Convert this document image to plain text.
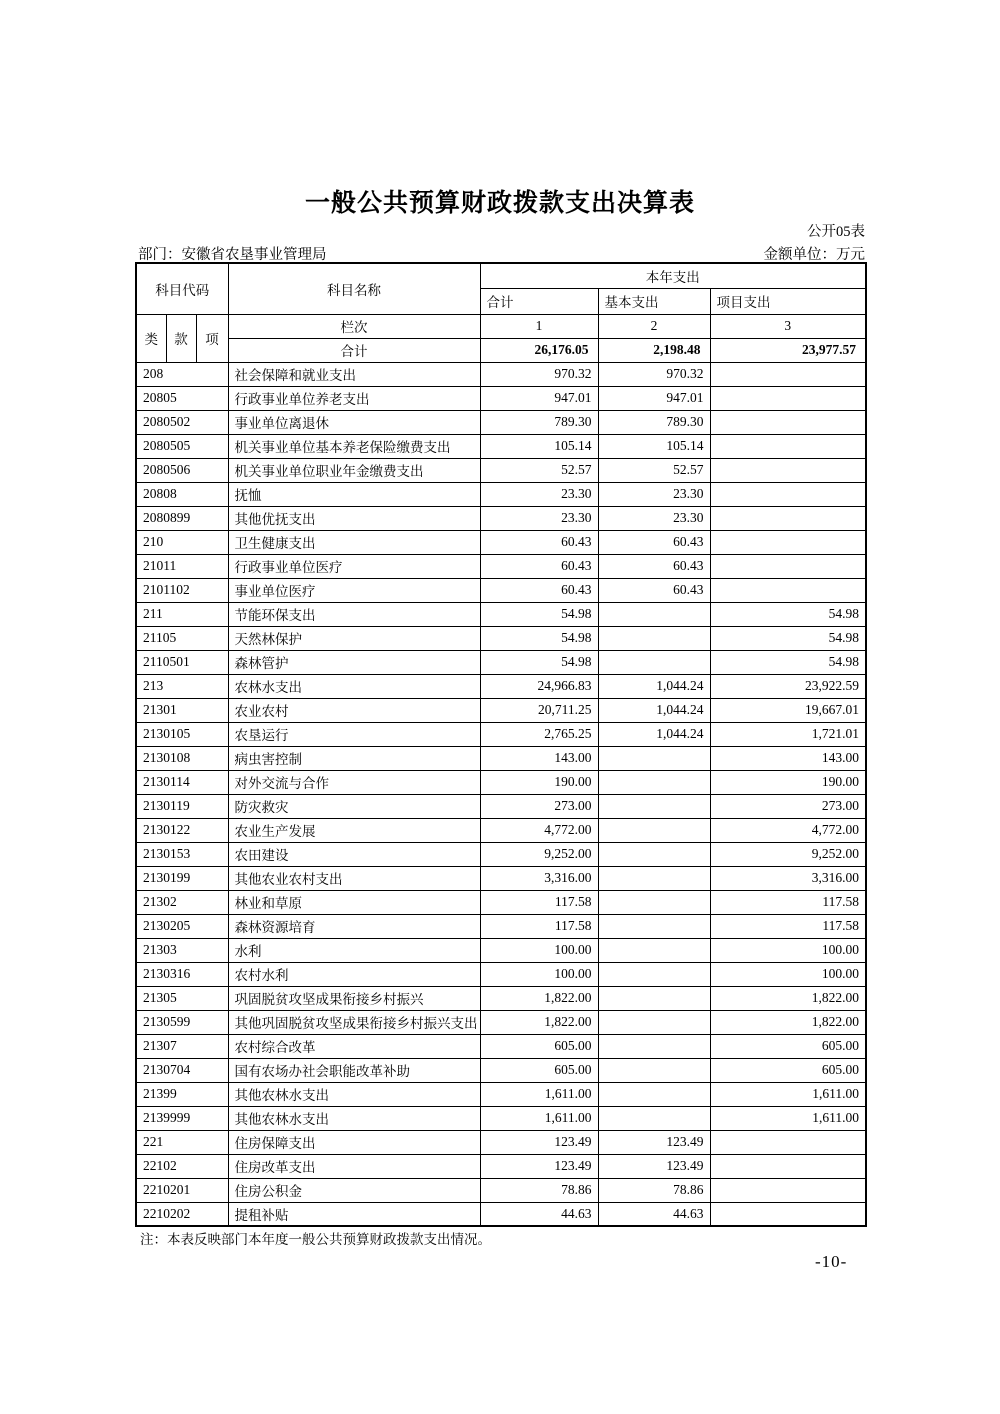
一般公共预算财政拨款支出决算表
公开05表
部门：安徽省农垦事业管理局	金额单位：万元
科目代码			科目名称	本年支出		
				合计	基本支出	项目支出
类	款	项	栏次	1	2	3
			合计	26,176.05	2,198.48	23,977.57
208			社会保障和就业支出	970.32	970.32	
20805			行政事业单位养老支出	947.01	947.01	
2080502			事业单位离退休	789.30	789.30	
2080505			机关事业单位基本养老保险缴费支出	105.14	105.14	
2080506			机关事业单位职业年金缴费支出	52.57	52.57	
20808			抚恤	23.30	23.30	
2080899			其他优抚支出	23.30	23.30	
210			卫生健康支出	60.43	60.43	
21011			行政事业单位医疗	60.43	60.43	
2101102			事业单位医疗	60.43	60.43	
211			节能环保支出	54.98		54.98
21105			天然林保护	54.98		54.98
2110501			森林管护	54.98		54.98
213			农林水支出	24,966.83	1,044.24	23,922.59
21301			农业农村	20,711.25	1,044.24	19,667.01
2130105			农垦运行	2,765.25	1,044.24	1,721.01
2130108			病虫害控制	143.00		143.00
2130114			对外交流与合作	190.00		190.00
2130119			防灾救灾	273.00		273.00
2130122			农业生产发展	4,772.00		4,772.00
2130153			农田建设	9,252.00		9,252.00
2130199			其他农业农村支出	3,316.00		3,316.00
21302			林业和草原	117.58		117.58
2130205			森林资源培育	117.58		117.58
21303			水利	100.00		100.00
2130316			农村水利	100.00		100.00
21305			巩固脱贫攻坚成果衔接乡村振兴	1,822.00		1,822.00
2130599			其他巩固脱贫攻坚成果衔接乡村振兴支出	1,822.00		1,822.00
21307			农村综合改革	605.00		605.00
2130704			国有农场办社会职能改革补助	605.00		605.00
21399			其他农林水支出	1,611.00		1,611.00
2139999			其他农林水支出	1,611.00		1,611.00
221			住房保障支出	123.49	123.49	
22102			住房改革支出	123.49	123.49	
2210201			住房公积金	78.86	78.86	
2210202			提租补贴	44.63	44.63	
注：本表反映部门本年度一般公共预算财政拨款支出情况。
-10-
